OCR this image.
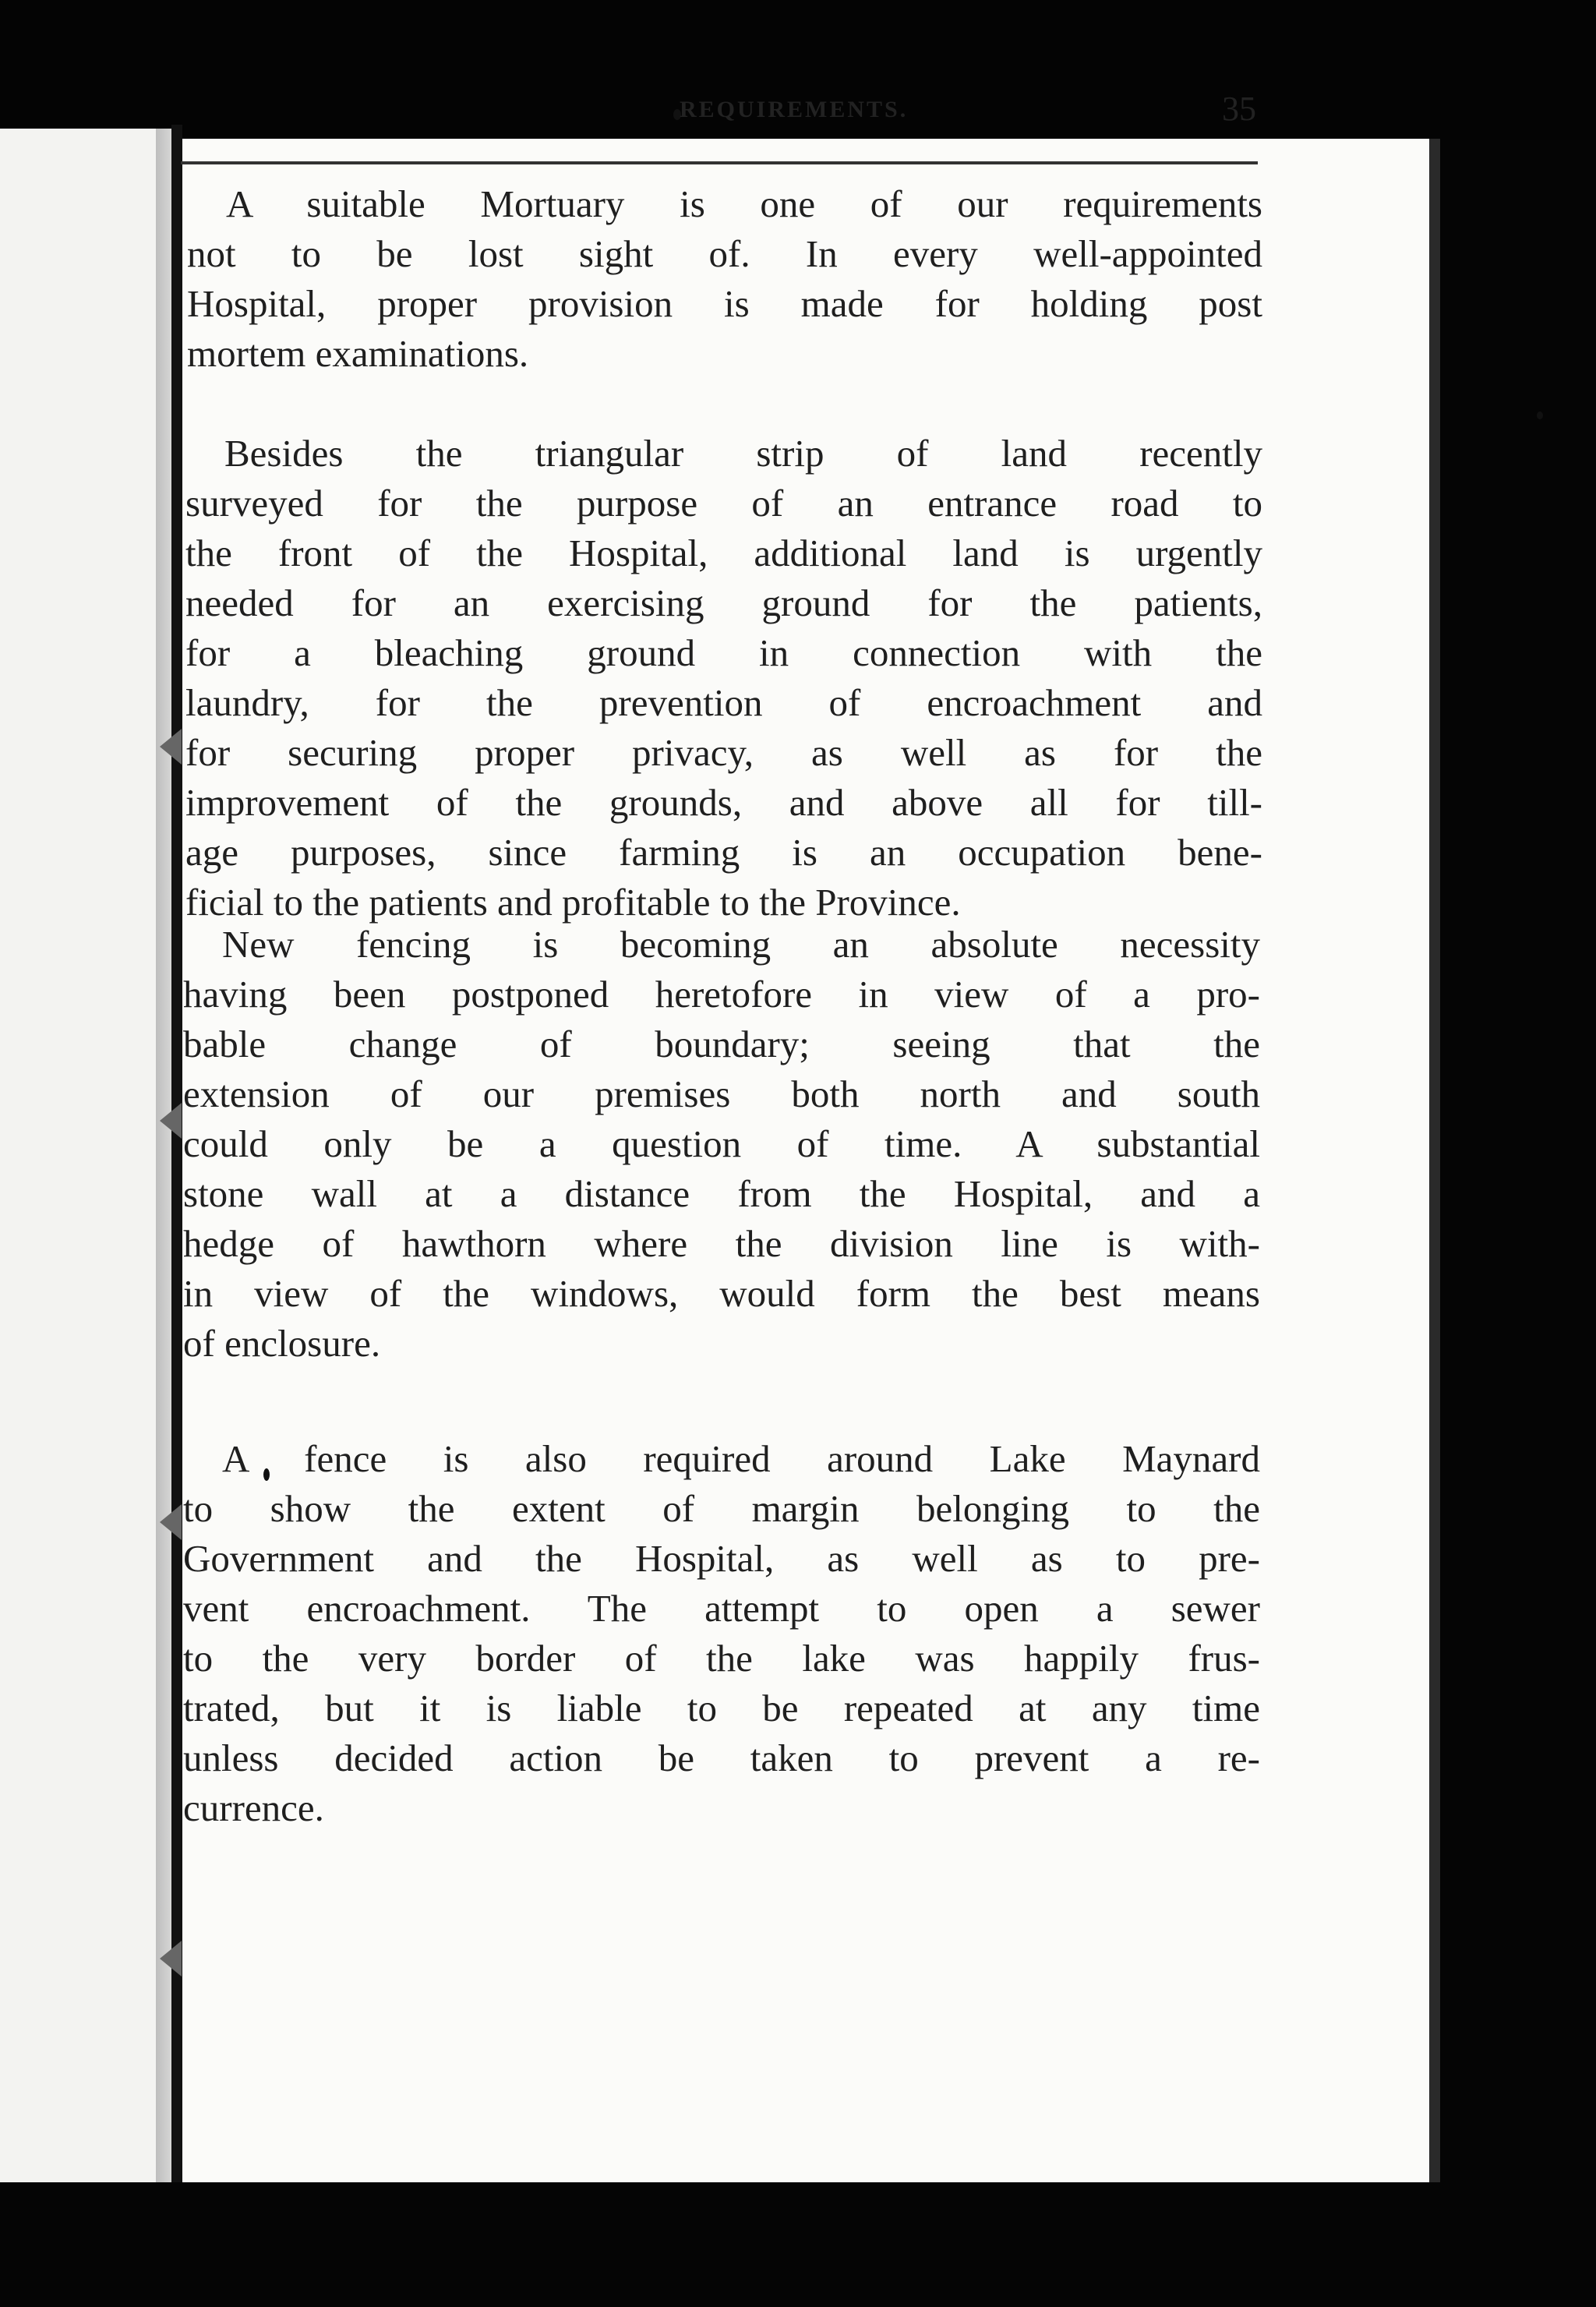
REQUIREMENTS.	35
A suitable Mortuary is one of our requirements
not to be lost sight of. In every well-appointed
Hospital, proper provision is made for holding post
mortem examinations.
Besides the triangular strip of land recently
surveyed for the purpose of an entrance road to
the front of the Hospital, additional land is urgently
needed for an exercising ground for the patients,
for a bleaching ground in connection with the
laundry, for the prevention of encroachment and
for securing proper privacy, as well as for the
improvement of the grounds, and above all for till-
age purposes, since farming is an occupation bene-
ficial to the patients and profitable to the Province.
New fencing is becoming an absolute necessity
having been postponed heretofore in view of a pro-
bable change of boundary; seeing that the
extension of our premises both north and south
could only be a question of time. A substantial
stone wall at a distance from the Hospital, and a
hedge of hawthorn where the division line is with-
in view of the windows, would form the best means
of enclosure.
A fence is also required around Lake Maynard
to show the extent of margin belonging to the
Government and the Hospital, as well as to pre-
vent encroachment. The attempt to open a sewer
to the very border of the lake was happily frus-
trated, but it is liable to be repeated at any time
unless decided action be taken to prevent a re-
currence.
